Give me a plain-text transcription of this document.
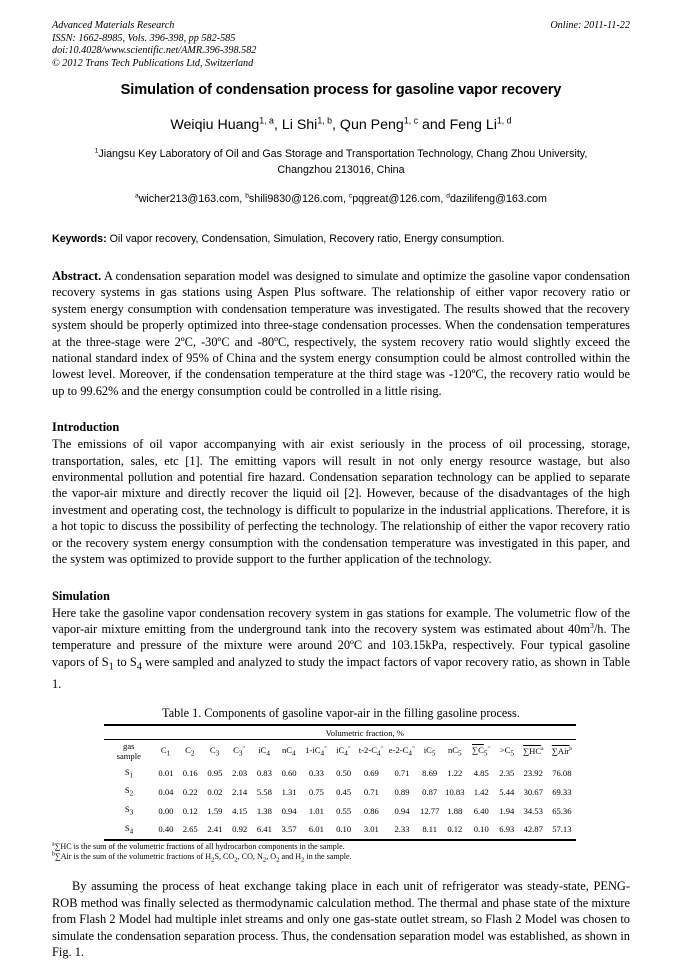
Advanced Materials Research
ISSN: 1662-8985, Vols. 396-398, pp 582-585
doi:10.4028/www.scientific.net/AMR.396-398.582
© 2012 Trans Tech Publications Ltd, Switzerland
Online: 2011-11-22
Simulation of condensation process for gasoline vapor recovery
Weiqiu Huang$^{1, a}$, Li Shi$^{1, b}$, Qun Peng$^{1, c}$ and Feng Li$^{1, d}$
$^1$Jiangsu Key Laboratory of Oil and Gas Storage and Transportation Technology, Chang Zhou University, Changzhou 213016, China
$^a$wicher213@163.com, $^b$shili9830@126.com, $^c$pqgreat@126.com, $^d$dazilifeng@163.com

Keywords: Oil vapor recovery, Condensation, Simulation, Recovery ratio, Energy consumption.

Abstract. A condensation separation model was designed to simulate and optimize the gasoline vapor condensation recovery systems in gas stations using Aspen Plus software. The relationship of either vapor recovery ratio or system energy consumption with condensation temperature was investigated. The results showed that the recovery system should be properly optimized into three-stage condensation processes. When the condensation temperatures at the three-stage were 2ºC, -30ºC and -80ºC, respectively, the system recovery ratio would slightly exceed the national standard index of 95% of China and the system energy consumption could be almost controlled within the lowest level. Moreover, if the condensation temperature at the third stage was -120ºC, the recovery ratio would be up to 99.62% and the energy consumption could be controlled in a little rising.

Introduction

The emissions of oil vapor accompanying with air exist seriously in the process of oil processing, storage, transportation, sales, etc [1]. The emitting vapors will result in not only energy resource wastage, but also environmental pollution and potential fire hazard. Condensation separation technology can be applied to separate the vapor-air mixture and directly recover the liquid oil [2]. However, because of the disadvantages of the high investment and operating cost, the technology is difficult to popularize in the industrial applications. Therefore, it is a hot topic to discuss the possibility of perfecting the technology. The relationship of either the vapor recovery ratio or the recovery system energy consumption with the condensation temperature was investigated in this paper, and the system was optimized to provide support to the further application of the technology.

Simulation

Here take the gasoline vapor condensation recovery system in gas stations for example. The volumetric flow of the vapor-air mixture emitting from the underground tank into the recovery system was estimated about $40m^3/h$. The temperature and pressure of the mixture were around 20ºC and 103.15kPa, respectively. Four typical gasoline vapors of $S_1$ to $S_4$ were sampled and analyzed to study the impact factors of vapor recovery ratio, as shown in Table 1.

Table 1. Components of gasoline vapor-air in the filling gasoline process.
	Volumetric fraction, %
gas
sample	
$C_1$	$C_2$	$C_3$	$C_3^=$	$iC_4$	$nC_4$	$1-iC_4^=$	$iC_4^=$	$t-2-C_4^=$	$e-2-C_4^=$	$iC_5$	$nC_5$	$\sum C_5^=$	$>C_5$	$\sum HC^a$	∑Air$^b$
$S_1$	0.01	0.16	0.95	2.03	0.83	0.60	0.33	0.50	0.69	0.71	8.69	1.22	4.85	2.35	23.92	76.08
$S_2$	0.04	0.22	0.02	2.14	5.58	1.31	0.75	0.45	0.71	0.89	0.87	10.83	1.42	5.44	30.67	69.33
$S_3$	0.00	0.12	1.59	4.15	1.38	0.94	1.01	0.55	0.86	0.94	12.77	1.88	6.40	1.94	34.53	65.36
$S_4$	0.40	2.65	2.41	0.92	6.41	3.57	6.01	0.10	3.01	2.33	8.11	0.12	0.10	6.93	42.87	57.13
$^a$∑HC is the sum of the volumetric fractions of all hydrocarbon components in the sample.
$^b$∑Air is the sum of the volumetric fractions of $H_2S$, $CO_2$, CO, $N_2$, $O_2$ and $H_2$ in the sample.

By assuming the process of heat exchange taking place in each unit of refrigerator was steady-state, PENG-ROB method was finally selected as thermodynamic calculation method. The thermal and phase state of the mixture from Flash 2 Model had multiple inlet streams and only one gas-state outlet stream, so Flash 2 Model was chosen to simulate the condensation separation process. Thus, the condensation separation model was established, as shown in Fig. 1.
